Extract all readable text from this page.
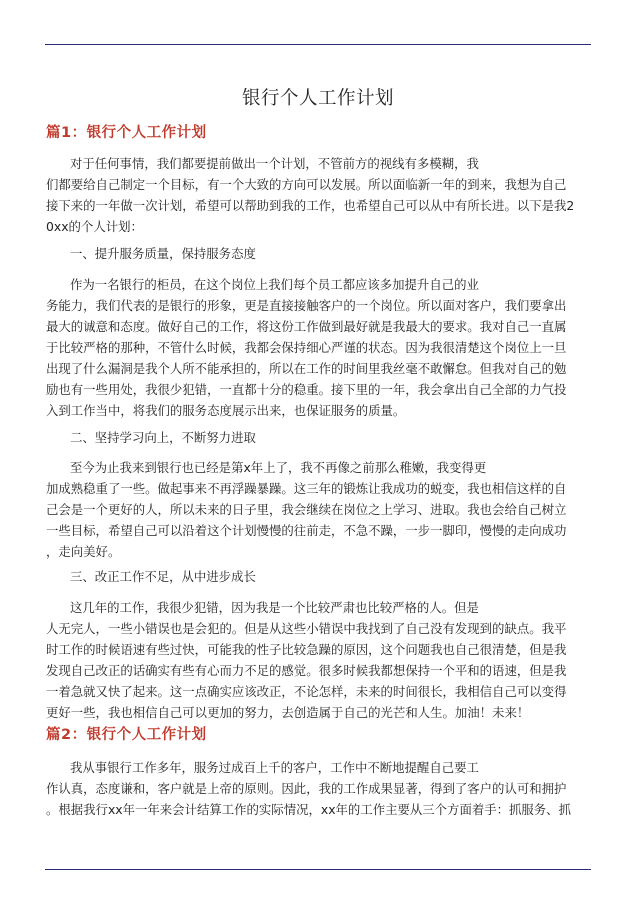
银行个人工作计划
篇1：银行个人工作计划
对于任何事情，我们都要提前做出一个计划，不管前方的视线有多模糊，我
们都要给自己制定一个目标，有一个大致的方向可以发展。所以面临新一年的到来，我想为自己
接下来的一年做一次计划，希望可以帮助到我的工作，也希望自己可以从中有所长进。以下是我2
0xx的个人计划：
一、提升服务质量，保持服务态度
作为一名银行的柜员，在这个岗位上我们每个员工都应该多加提升自己的业
务能力，我们代表的是银行的形象，更是直接接触客户的一个岗位。所以面对客户，我们要拿出
最大的诚意和态度。做好自己的工作，将这份工作做到最好就是我最大的要求。我对自己一直属
于比较严格的那种，不管什么时候，我都会保持细心严谨的状态。因为我很清楚这个岗位上一旦
出现了什么漏洞是我个人所不能承担的，所以在工作的时间里我丝毫不敢懈怠。但我对自己的勉
励也有一些用处，我很少犯错，一直都十分的稳重。接下里的一年，我会拿出自己全部的力气投
入到工作当中，将我们的服务态度展示出来，也保证服务的质量。
二、坚持学习向上，不断努力进取
至今为止我来到银行也已经是第x年上了，我不再像之前那么稚嫩，我变得更
加成熟稳重了一些。做起事来不再浮躁暴躁。这三年的锻炼让我成功的蜕变，我也相信这样的自
己会是一个更好的人，所以未来的日子里，我会继续在岗位之上学习、进取。我也会给自己树立
一些目标，希望自己可以沿着这个计划慢慢的往前走，不急不躁，一步一脚印，慢慢的走向成功
，走向美好。
三、改正工作不足，从中进步成长
这几年的工作，我很少犯错，因为我是一个比较严肃也比较严格的人。但是
人无完人，一些小错误也是会犯的。但是从这些小错误中我找到了自己没有发现到的缺点。我平
时工作的时候语速有些过快，可能我的性子比较急躁的原因，这个问题我也自己很清楚，但是我
发现自己改正的话确实有些有心而力不足的感觉。很多时候我都想保持一个平和的语速，但是我
一着急就又快了起来。这一点确实应该改正，不论怎样，未来的时间很长，我相信自己可以变得
更好一些，我也相信自己可以更加的努力，去创造属于自己的光芒和人生。加油！未来！
篇2：银行个人工作计划
我从事银行工作多年，服务过成百上千的客户，工作中不断地提醒自己要工
作认真，态度谦和，客户就是上帝的原则。因此，我的工作成果显著，得到了客户的认可和拥护
。根据我行xx年一年来会计结算工作的实际情况，xx年的工作主要从三个方面着手：抓服务、抓
